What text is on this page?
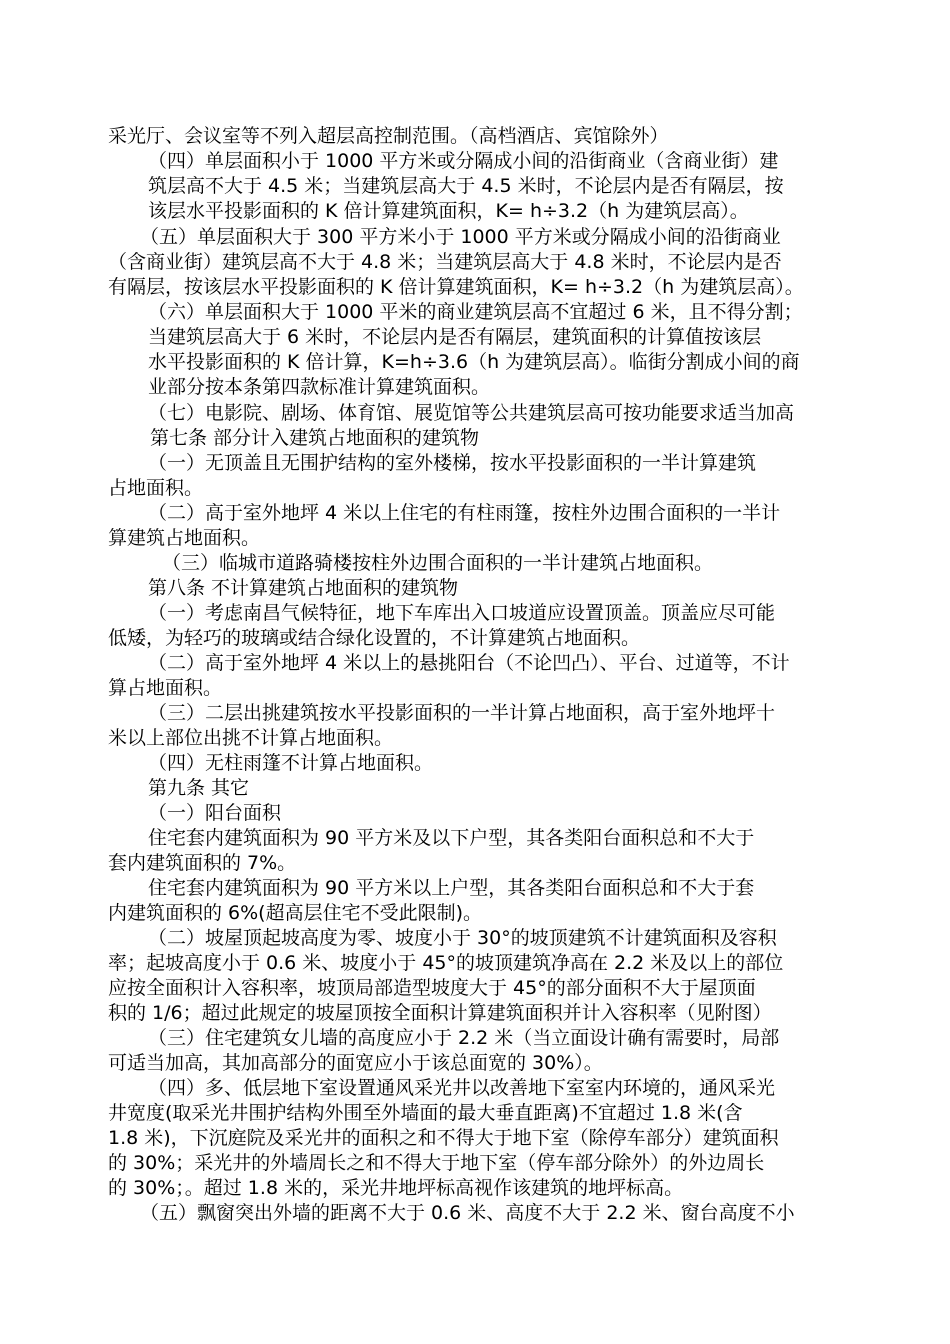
采光厅、会议室等不列入超层高控制范围。（高档酒店、宾馆除外）
（四）单层面积小于 1000 平方米或分隔成小间的沿街商业（含商业街）建
筑层高不大于 4.5 米；当建筑层高大于 4.5 米时，不论层内是否有隔层，按
该层水平投影面积的 K 倍计算建筑面积，K= h÷3.2（h 为建筑层高）。
（五）单层面积大于 300 平方米小于 1000 平方米或分隔成小间的沿街商业
（含商业街）建筑层高不大于 4.8 米；当建筑层高大于 4.8 米时，不论层内是否
有隔层，按该层水平投影面积的 K 倍计算建筑面积，K= h÷3.2（h 为建筑层高）。
（六）单层面积大于 1000 平米的商业建筑层高不宜超过 6 米，且不得分割；
当建筑层高大于 6 米时，不论层内是否有隔层，建筑面积的计算值按该层
水平投影面积的 K 倍计算，K=h÷3.6（h 为建筑层高）。临街分割成小间的商
业部分按本条第四款标准计算建筑面积。
（七）电影院、剧场、体育馆、展览馆等公共建筑层高可按功能要求适当加高
第七条 部分计入建筑占地面积的建筑物
（一）无顶盖且无围护结构的室外楼梯，按水平投影面积的一半计算建筑
占地面积。
（二）高于室外地坪 4 米以上住宅的有柱雨篷，按柱外边围合面积的一半计
算建筑占地面积。
（三）临城市道路骑楼按柱外边围合面积的一半计建筑占地面积。
第八条 不计算建筑占地面积的建筑物
（一）考虑南昌气候特征，地下车库出入口坡道应设置顶盖。顶盖应尽可能
低矮，为轻巧的玻璃或结合绿化设置的，不计算建筑占地面积。
（二）高于室外地坪 4 米以上的悬挑阳台（不论凹凸）、平台、过道等，不计
算占地面积。
（三）二层出挑建筑按水平投影面积的一半计算占地面积，高于室外地坪十
米以上部位出挑不计算占地面积。
（四）无柱雨篷不计算占地面积。
第九条 其它
（一）阳台面积
住宅套内建筑面积为 90 平方米及以下户型，其各类阳台面积总和不大于
套内建筑面积的 7%。
住宅套内建筑面积为 90 平方米以上户型，其各类阳台面积总和不大于套
内建筑面积的 6%(超高层住宅不受此限制)。
（二）坡屋顶起坡高度为零、坡度小于 30°的坡顶建筑不计建筑面积及容积
率；起坡高度小于 0.6 米、坡度小于 45°的坡顶建筑净高在 2.2 米及以上的部位
应按全面积计入容积率，坡顶局部造型坡度大于 45°的部分面积不大于屋顶面
积的 1/6；超过此规定的坡屋顶按全面积计算建筑面积并计入容积率（见附图）
（三）住宅建筑女儿墙的高度应小于 2.2 米（当立面设计确有需要时，局部
可适当加高，其加高部分的面宽应小于该总面宽的 30%）。
（四）多、低层地下室设置通风采光井以改善地下室室内环境的，通风采光
井宽度(取采光井围护结构外围至外墙面的最大垂直距离)不宜超过 1.8 米(含
1.8 米)，下沉庭院及采光井的面积之和不得大于地下室（除停车部分）建筑面积
的 30%；采光井的外墙周长之和不得大于地下室（停车部分除外）的外边周长
的 30%；。超过 1.8 米的，采光井地坪标高视作该建筑的地坪标高。
（五）飘窗突出外墙的距离不大于 0.6 米、高度不大于 2.2 米、窗台高度不小
